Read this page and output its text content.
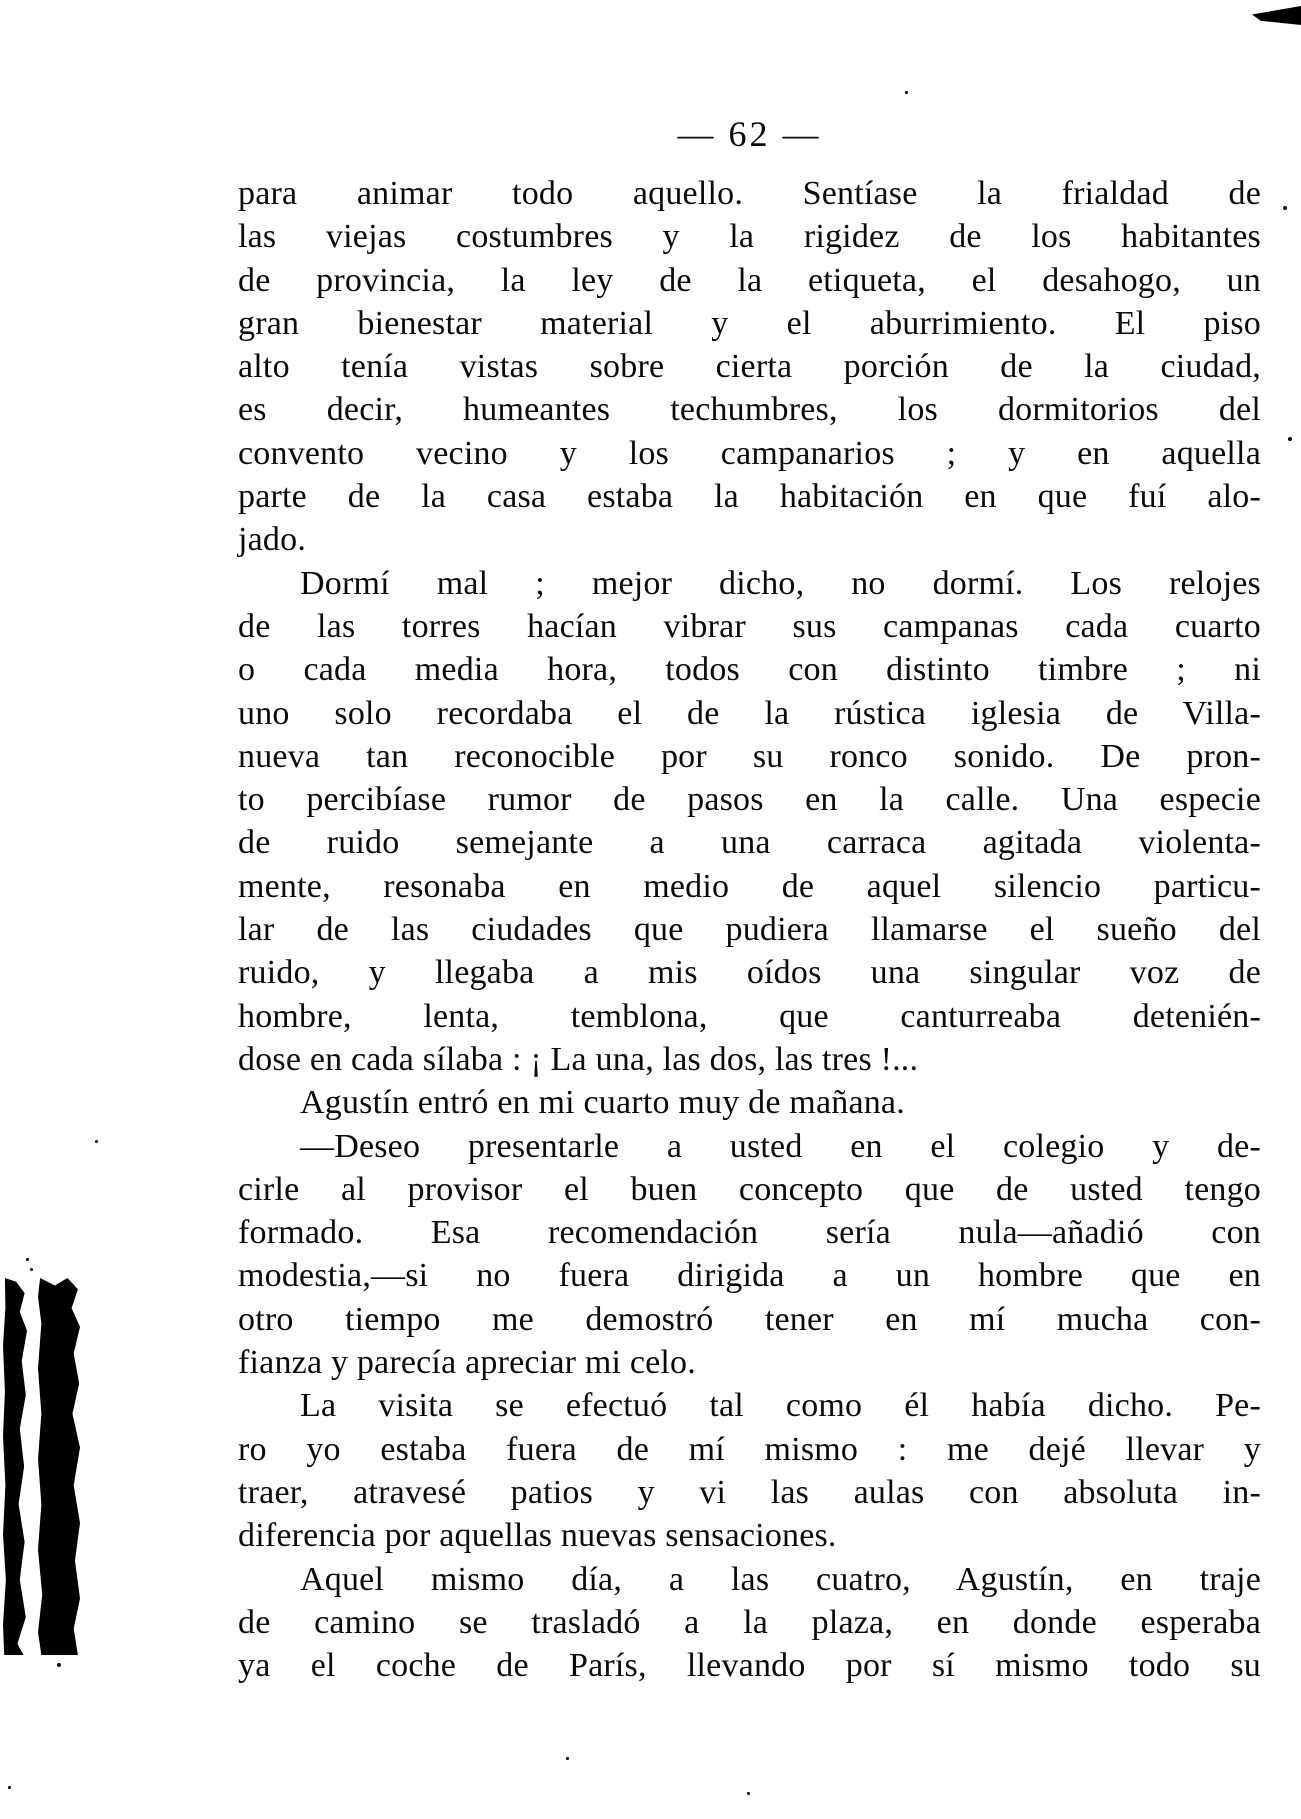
— 62 —
para animar todo aquello. Sentíase la frialdad de
las viejas costumbres y la rigidez de los habitantes
de provincia, la ley de la etiqueta, el desahogo, un
gran bienestar material y el aburrimiento. El piso
alto tenía vistas sobre cierta porción de la ciudad,
es decir, humeantes techumbres, los dormitorios del
convento vecino y los campanarios ; y en aquella
parte de la casa estaba la habitación en que fuí alo-
jado.
Dormí mal ; mejor dicho, no dormí. Los relojes
de las torres hacían vibrar sus campanas cada cuarto
o cada media hora, todos con distinto timbre ; ni
uno solo recordaba el de la rústica iglesia de Villa-
nueva tan reconocible por su ronco sonido. De pron-
to percibíase rumor de pasos en la calle. Una especie
de ruido semejante a una carraca agitada violenta-
mente, resonaba en medio de aquel silencio particu-
lar de las ciudades que pudiera llamarse el sueño del
ruido, y llegaba a mis oídos una singular voz de
hombre, lenta, temblona, que canturreaba detenién-
dose en cada sílaba : ¡ La una, las dos, las tres !...
Agustín entró en mi cuarto muy de mañana.
—Deseo presentarle a usted en el colegio y de-
cirle al provisor el buen concepto que de usted tengo
formado. Esa recomendación sería nula—añadió con
modestia,—si no fuera dirigida a un hombre que en
otro tiempo me demostró tener en mí mucha con-
fianza y parecía apreciar mi celo.
La visita se efectuó tal como él había dicho. Pe-
ro yo estaba fuera de mí mismo : me dejé llevar y
traer, atravesé patios y vi las aulas con absoluta in-
diferencia por aquellas nuevas sensaciones.
Aquel mismo día, a las cuatro, Agustín, en traje
de camino se trasladó a la plaza, en donde esperaba
ya el coche de París, llevando por sí mismo todo su
